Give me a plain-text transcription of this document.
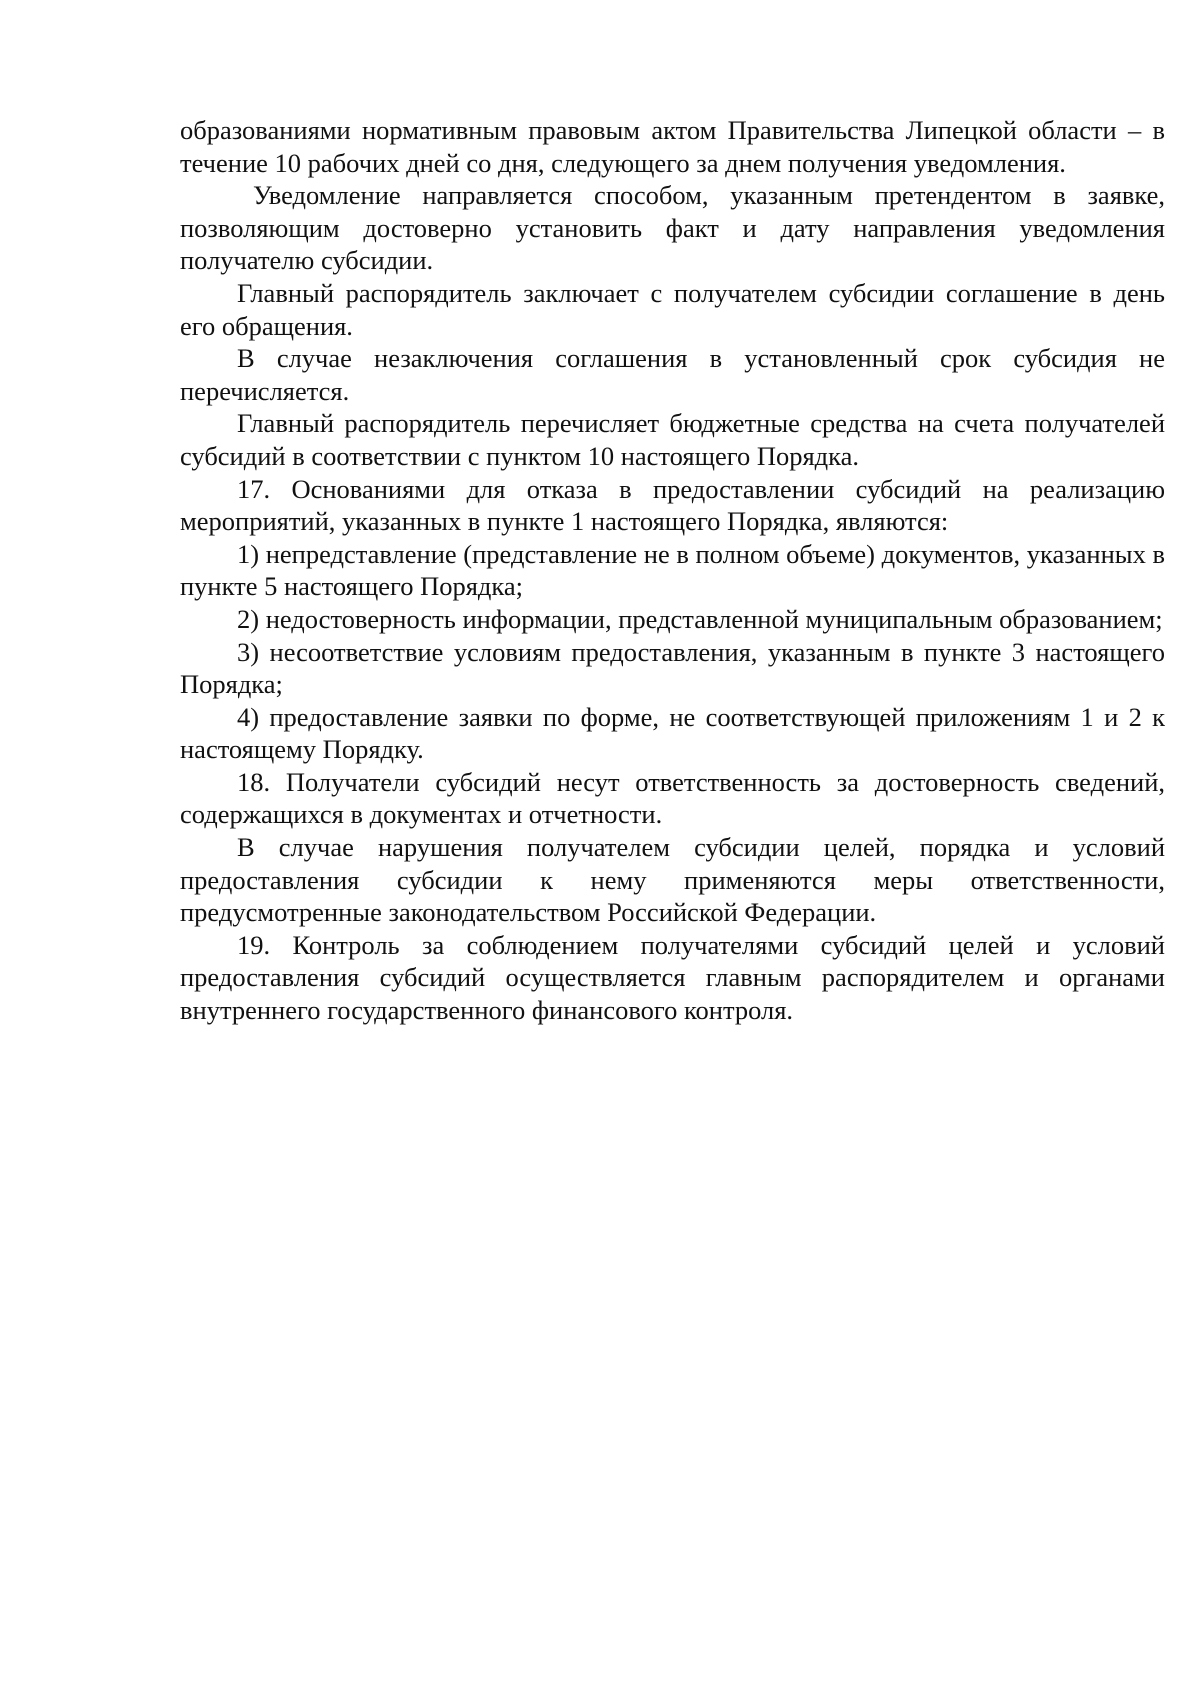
образованиями нормативным правовым актом Правительства Липецкой области – в течение 10 рабочих дней со дня, следующего за днем получения уведомления.

Уведомление направляется способом, указанным претендентом в заявке, позволяющим достоверно установить факт и дату направления уведомления получателю субсидии.

Главный распорядитель заключает с получателем субсидии соглашение в день его обращения.

В случае незаключения соглашения в установленный срок субсидия не перечисляется.

Главный распорядитель перечисляет бюджетные средства на счета получателей субсидий в соответствии с пунктом 10 настоящего Порядка.

17. Основаниями для отказа в предоставлении субсидий на реализацию мероприятий, указанных в пункте 1 настоящего Порядка, являются:

1) непредставление (представление не в полном объеме) документов, указанных в пункте 5 настоящего Порядка;

2) недостоверность информации, представленной муниципальным образованием;

3) несоответствие условиям предоставления, указанным в пункте 3 настоящего Порядка;

4) предоставление заявки по форме, не соответствующей приложениям 1 и 2 к настоящему Порядку.

18. Получатели субсидий несут ответственность за достоверность сведений, содержащихся в документах и отчетности.

В случае нарушения получателем субсидии целей, порядка и условий предоставления субсидии к нему применяются меры ответственности, предусмотренные законодательством Российской Федерации.

19. Контроль за соблюдением получателями субсидий целей и условий предоставления субсидий осуществляется главным распорядителем и органами внутреннего государственного финансового контроля.
